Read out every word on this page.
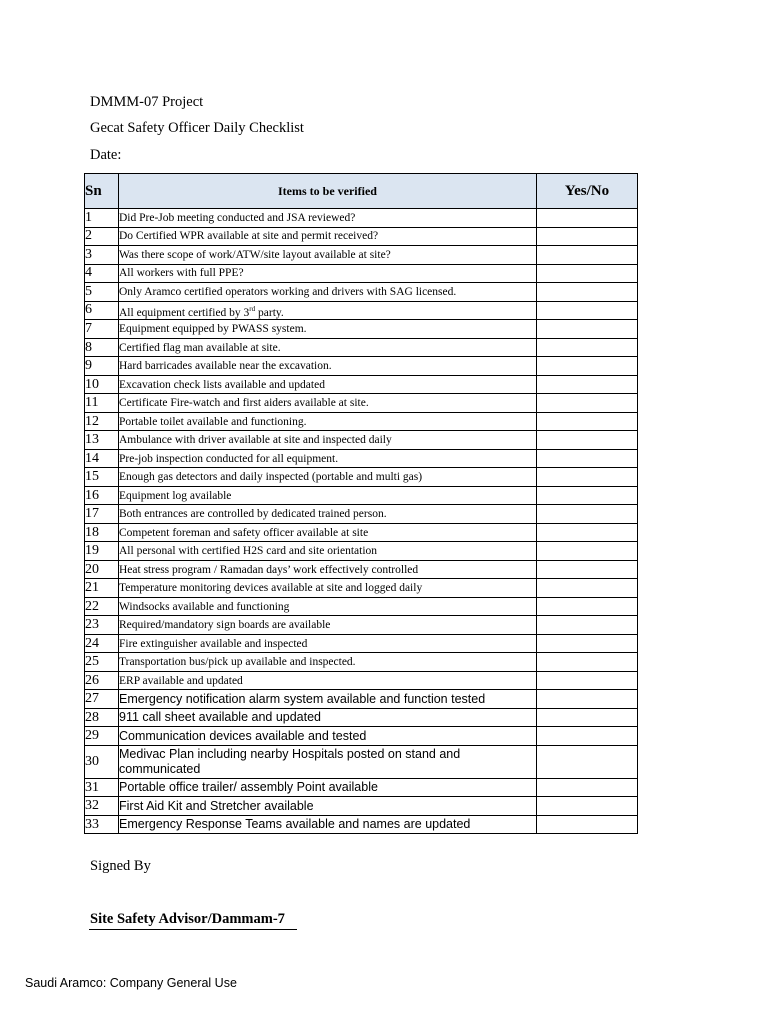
DMMM-07 Project
Gecat Safety Officer Daily Checklist
Date:
Sn	Items to be verified	Yes/No
1	Did Pre-Job meeting conducted and JSA reviewed?	
2	Do Certified WPR available at site and permit received?	
3	Was there scope of work/ATW/site layout available at site?	
4	All workers with full PPE?	
5	Only Aramco certified operators working and drivers with SAG licensed.	
6	All equipment certified by 3rd party.	
7	Equipment equipped by PWASS system.	
8	Certified flag man available at site.	
9	Hard barricades available near the excavation.	
10	Excavation check lists available and updated	
11	Certificate Fire-watch and first aiders available at site.	
12	Portable toilet available and functioning.	
13	Ambulance with driver available at site and inspected daily	
14	Pre-job inspection conducted for all equipment.	
15	Enough gas detectors and daily inspected (portable and multi gas)	
16	Equipment log available	
17	Both entrances are controlled by dedicated trained person.	
18	Competent foreman and safety officer available at site	
19	All personal with certified H2S card and site orientation	
20	Heat stress program / Ramadan days’ work effectively controlled	
21	Temperature monitoring devices available at site and logged daily	
22	Windsocks available and functioning	
23	Required/mandatory sign boards are available	
24	Fire extinguisher available and inspected	
25	Transportation bus/pick up available and inspected.	
26	ERP available and updated	
27	Emergency notification alarm system available and function tested	
28	911 call sheet available and updated	
29	Communication devices available and tested	
30	Medivac Plan including nearby Hospitals posted on stand and communicated	
31	Portable office trailer/ assembly Point available	
32	First Aid Kit and Stretcher available	
33	Emergency Response Teams available and names are updated	
Signed By
Site Safety Advisor/Dammam-7
Saudi Aramco: Company General Use
